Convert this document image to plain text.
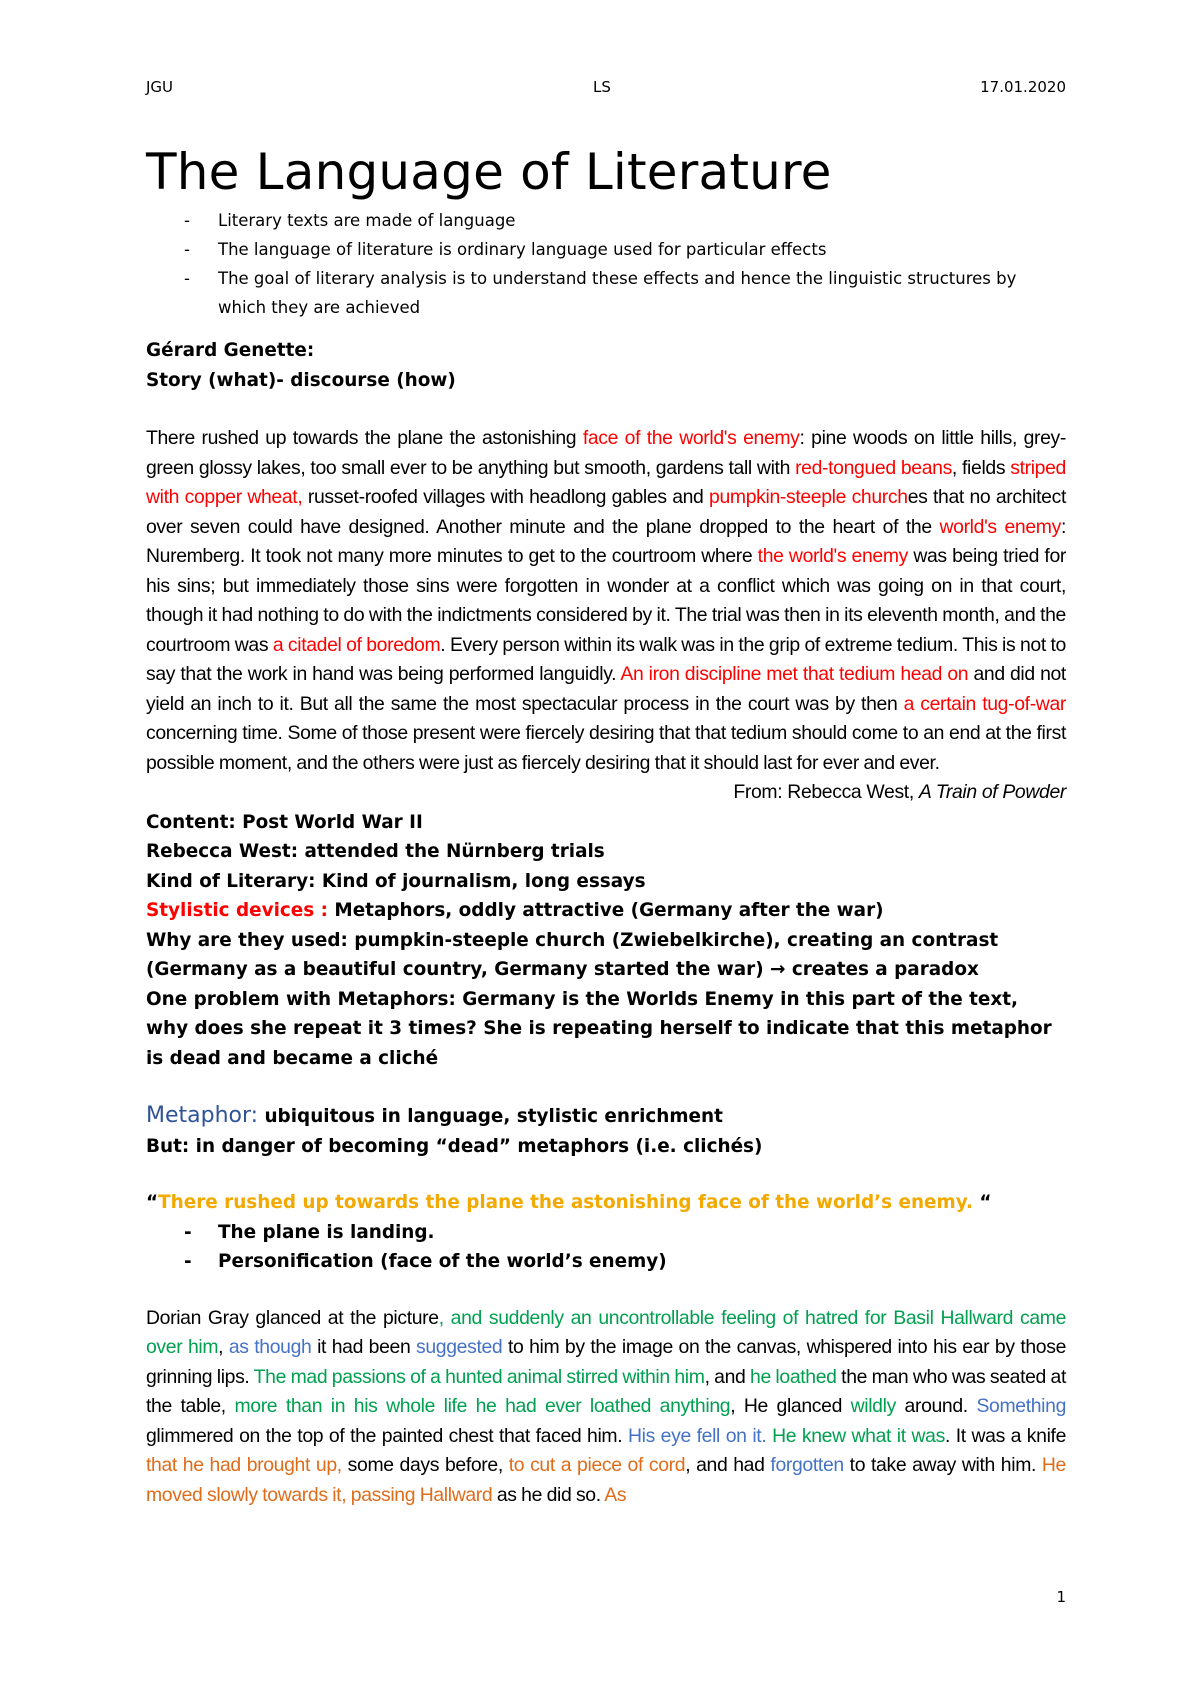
JGU	LS	17.01.2020
The Language of Literature
- Literary texts are made of language
- The language of literature is ordinary language used for particular effects
- The goal of literary analysis is to understand these effects and hence the linguistic structures by which they are achieved
Gérard Genette:
Story (what)- discourse (how)
There rushed up towards the plane the astonishing face of the world's enemy: pine woods on little hills, grey-green glossy lakes, too small ever to be anything but smooth, gardens tall with red-tongued beans, fields striped with copper wheat, russet-roofed villages with headlong gables and pumpkin-steeple churches that no architect over seven could have designed. Another minute and the plane dropped to the heart of the world's enemy: Nuremberg. It took not many more minutes to get to the courtroom where the world's enemy was being tried for his sins; but immediately those sins were forgotten in wonder at a conflict which was going on in that court, though it had nothing to do with the indictments considered by it. The trial was then in its eleventh month, and the courtroom was a citadel of boredom. Every person within its walk was in the grip of extreme tedium. This is not to say that the work in hand was being performed languidly. An iron discipline met that tedium head on and did not yield an inch to it. But all the same the most spectacular process in the court was by then a certain tug-of-war concerning time. Some of those present were fiercely desiring that that tedium should come to an end at the first possible moment, and the others were just as fiercely desiring that it should last for ever and ever.
From: Rebecca West, A Train of Powder
Content: Post World War II
Rebecca West: attended the Nürnberg trials
Kind of Literary: Kind of journalism, long essays
Stylistic devices : Metaphors, oddly attractive (Germany after the war)
Why are they used: pumpkin-steeple church (Zwiebelkirche), creating an contrast (Germany as a beautiful country, Germany started the war) → creates a paradox
One problem with Metaphors: Germany is the Worlds Enemy in this part of the text, why does she repeat it 3 times? She is repeating herself to indicate that this metaphor is dead and became a cliché
Metaphor: ubiquitous in language, stylistic enrichment
But: in danger of becoming “dead” metaphors (i.e. clichés)
“There rushed up towards the plane the astonishing face of the world’s enemy. “
- The plane is landing.
- Personification (face of the world’s enemy)
Dorian Gray glanced at the picture, and suddenly an uncontrollable feeling of hatred for Basil Hallward came over him, as though it had been suggested to him by the image on the canvas, whispered into his ear by those grinning lips. The mad passions of a hunted animal stirred within him, and he loathed the man who was seated at the table, more than in his whole life he had ever loathed anything, He glanced wildly around. Something glimmered on the top of the painted chest that faced him. His eye fell on it. He knew what it was. It was a knife that he had brought up, some days before, to cut a piece of cord, and had forgotten to take away with him. He moved slowly towards it, passing Hallward as he did so. As
1
